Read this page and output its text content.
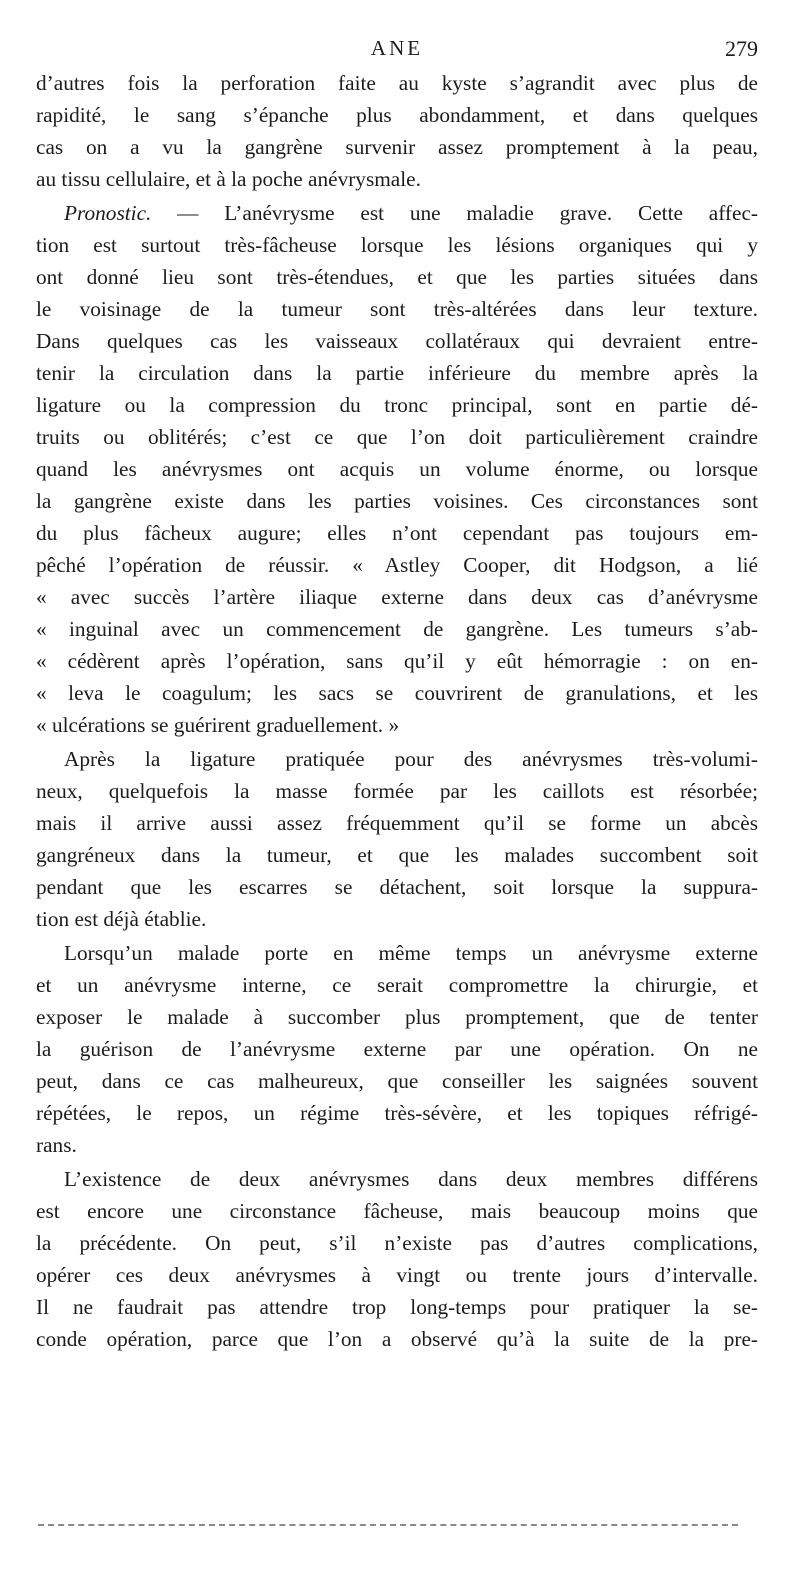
ANE	279
d’autres fois la perforation faite au kyste s’agrandit avec plus de
rapidité, le sang s’épanche plus abondamment, et dans quelques
cas on a vu la gangrène survenir assez promptement à la peau,
au tissu cellulaire, et à la poche anévrysmale.
Pronostic. — L’anévrysme est une maladie grave. Cette affec-
tion est surtout très-fâcheuse lorsque les lésions organiques qui y
ont donné lieu sont très-étendues, et que les parties situées dans
le voisinage de la tumeur sont très-altérées dans leur texture.
Dans quelques cas les vaisseaux collatéraux qui devraient entre-
tenir la circulation dans la partie inférieure du membre après la
ligature ou la compression du tronc principal, sont en partie dé-
truits ou oblitérés; c’est ce que l’on doit particulièrement craindre
quand les anévrysmes ont acquis un volume énorme, ou lorsque
la gangrène existe dans les parties voisines. Ces circonstances sont
du plus fâcheux augure; elles n’ont cependant pas toujours em-
pêché l’opération de réussir. « Astley Cooper, dit Hodgson, a lié
« avec succès l’artère iliaque externe dans deux cas d’anévrysme
« inguinal avec un commencement de gangrène. Les tumeurs s’ab-
« cédèrent après l’opération, sans qu’il y eût hémorragie : on en-
« leva le coagulum; les sacs se couvrirent de granulations, et les
« ulcérations se guérirent graduellement. »
Après la ligature pratiquée pour des anévrysmes très-volumi-
neux, quelquefois la masse formée par les caillots est résorbée;
mais il arrive aussi assez fréquemment qu’il se forme un abcès
gangréneux dans la tumeur, et que les malades succombent soit
pendant que les escarres se détachent, soit lorsque la suppura-
tion est déjà établie.
Lorsqu’un malade porte en même temps un anévrysme externe
et un anévrysme interne, ce serait compromettre la chirurgie, et
exposer le malade à succomber plus promptement, que de tenter
la guérison de l’anévrysme externe par une opération. On ne
peut, dans ce cas malheureux, que conseiller les saignées souvent
répétées, le repos, un régime très-sévère, et les topiques réfrigé-
rans.
L’existence de deux anévrysmes dans deux membres différens
est encore une circonstance fâcheuse, mais beaucoup moins que
la précédente. On peut, s’il n’existe pas d’autres complications,
opérer ces deux anévrysmes à vingt ou trente jours d’intervalle.
Il ne faudrait pas attendre trop long-temps pour pratiquer la se-
conde opération, parce que l’on a observé qu’à la suite de la pre-
